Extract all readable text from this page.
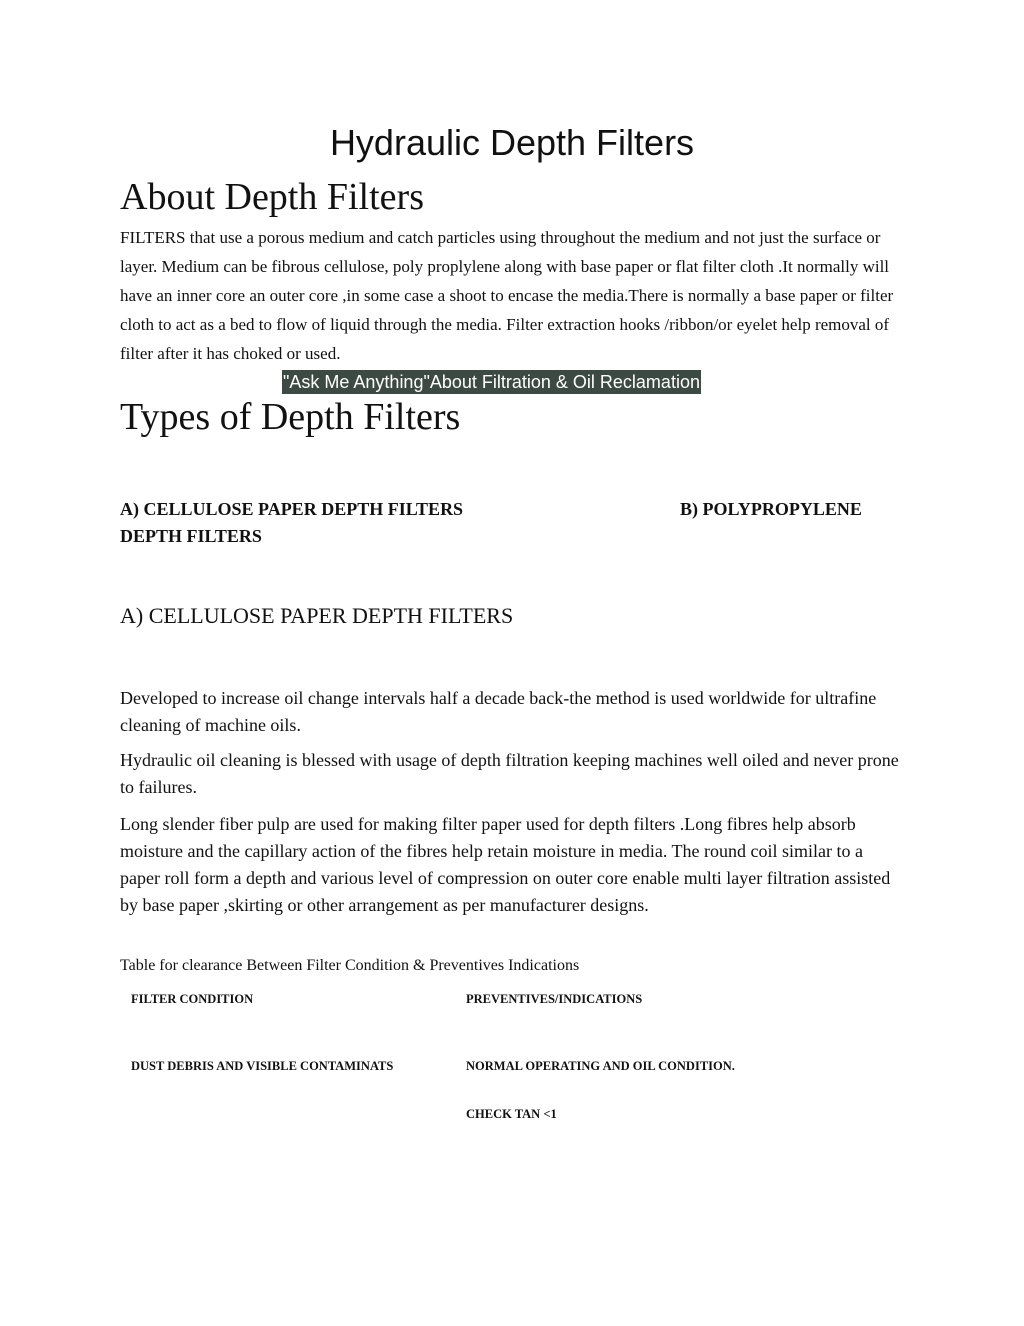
Hydraulic Depth Filters
About Depth Filters

FILTERS that use a porous medium and catch particles using throughout the medium and not just the surface or layer. Medium can be fibrous cellulose, poly proplylene along with base paper or flat filter cloth .It normally will have an inner core an outer core ,in some case a shoot to encase the media.There is normally a base paper or filter cloth to act as a bed to flow of liquid through the media. Filter extraction hooks /ribbon/or eyelet help removal of filter after it has choked or used.

"Ask Me Anything"About Filtration & Oil Reclamation
Types of Depth Filters
A) CELLULOSE PAPER DEPTH FILTERS	B) POLYPROPYLENE
DEPTH FILTERS
A) CELLULOSE PAPER DEPTH FILTERS

Developed to increase oil change intervals half a decade back-the method is used worldwide for ultrafine cleaning of machine oils.

Hydraulic oil cleaning is blessed with usage of depth filtration keeping machines well oiled and never prone to failures.

Long slender fiber pulp are used for making filter paper used for depth filters .Long fibres help absorb moisture and the capillary action of the fibres help retain moisture in media. The round coil similar to a paper roll form a depth and various level of compression on outer core enable multi layer filtration assisted by base paper ,skirting or other arrangement as per manufacturer designs.

Table for clearance Between Filter Condition & Preventives Indications
FILTER CONDITION	PREVENTIVES/INDICATIONS
DUST DEBRIS AND VISIBLE CONTAMINATS	NORMAL OPERATING AND OIL CONDITION.
CHECK TAN <1
